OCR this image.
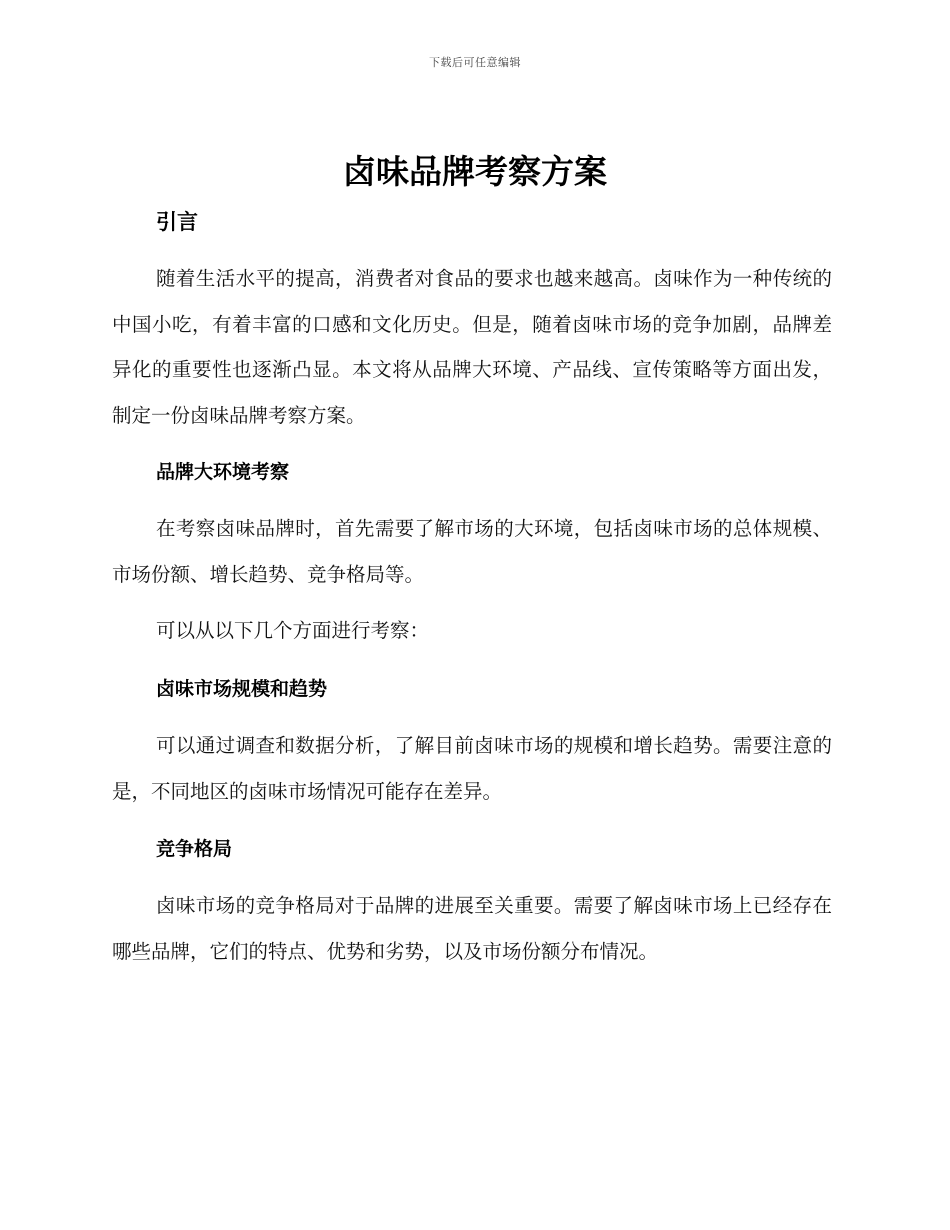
下载后可任意编辑
卤味品牌考察方案
引言

随着生活水平的提高，消费者对食品的要求也越来越高。卤味作为一种传统的中国小吃，有着丰富的口感和文化历史。但是，随着卤味市场的竞争加剧，品牌差异化的重要性也逐渐凸显。本文将从品牌大环境、产品线、宣传策略等方面出发，制定一份卤味品牌考察方案。

品牌大环境考察

在考察卤味品牌时，首先需要了解市场的大环境，包括卤味市场的总体规模、市场份额、增长趋势、竞争格局等。

可以从以下几个方面进行考察：

卤味市场规模和趋势

可以通过调查和数据分析，了解目前卤味市场的规模和增长趋势。需要注意的是，不同地区的卤味市场情况可能存在差异。

竞争格局

卤味市场的竞争格局对于品牌的进展至关重要。需要了解卤味市场上已经存在哪些品牌，它们的特点、优势和劣势，以及市场份额分布情况。
